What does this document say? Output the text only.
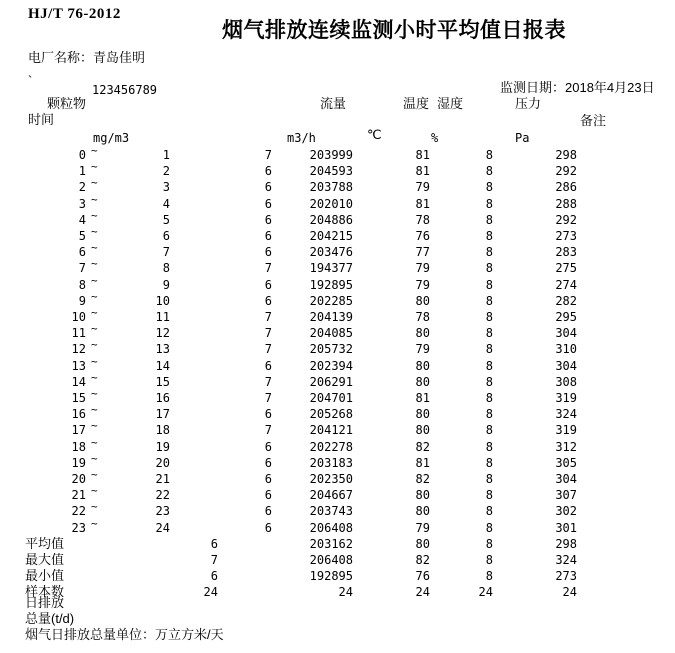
HJ/T 76-2012
烟气排放连续监测小时平均值日报表
电厂名称：青岛佳明
`
123456789	监测日期：2018年4月23日
颗粒物	流量	温度 湿度	压力
时间	备注
mg/m3	m3/h	℃	%	Pa
0 ~	1	7	203999	81	8	298
1 ~	2	6	204593	81	8	292
2 ~	3	6	203788	79	8	286
3 ~	4	6	202010	81	8	288
4 ~	5	6	204886	78	8	292
5 ~	6	6	204215	76	8	273
6 ~	7	6	203476	77	8	283
7 ~	8	7	194377	79	8	275
8 ~	9	6	192895	79	8	274
9 ~	10	6	202285	80	8	282
10 ~	11	7	204139	78	8	295
11 ~	12	7	204085	80	8	304
12 ~	13	7	205732	79	8	310
13 ~	14	6	202394	80	8	304
14 ~	15	7	206291	80	8	308
15 ~	16	7	204701	81	8	319
16 ~	17	6	205268	80	8	324
17 ~	18	7	204121	80	8	319
18 ~	19	6	202278	82	8	312
19 ~	20	6	203183	81	8	305
20 ~	21	6	202350	82	8	304
21 ~	22	6	204667	80	8	307
22 ~	23	6	203743	80	8	302
23 ~	24	6	206408	79	8	301
平均值	6	203162	80	8	298
最大值	7	206408	82	8	324
最小值	6	192895	76	8	273
样本数	24	24	24	24	24
日排放
总量(t/d)
烟气日排放总量单位：万立方米/天
